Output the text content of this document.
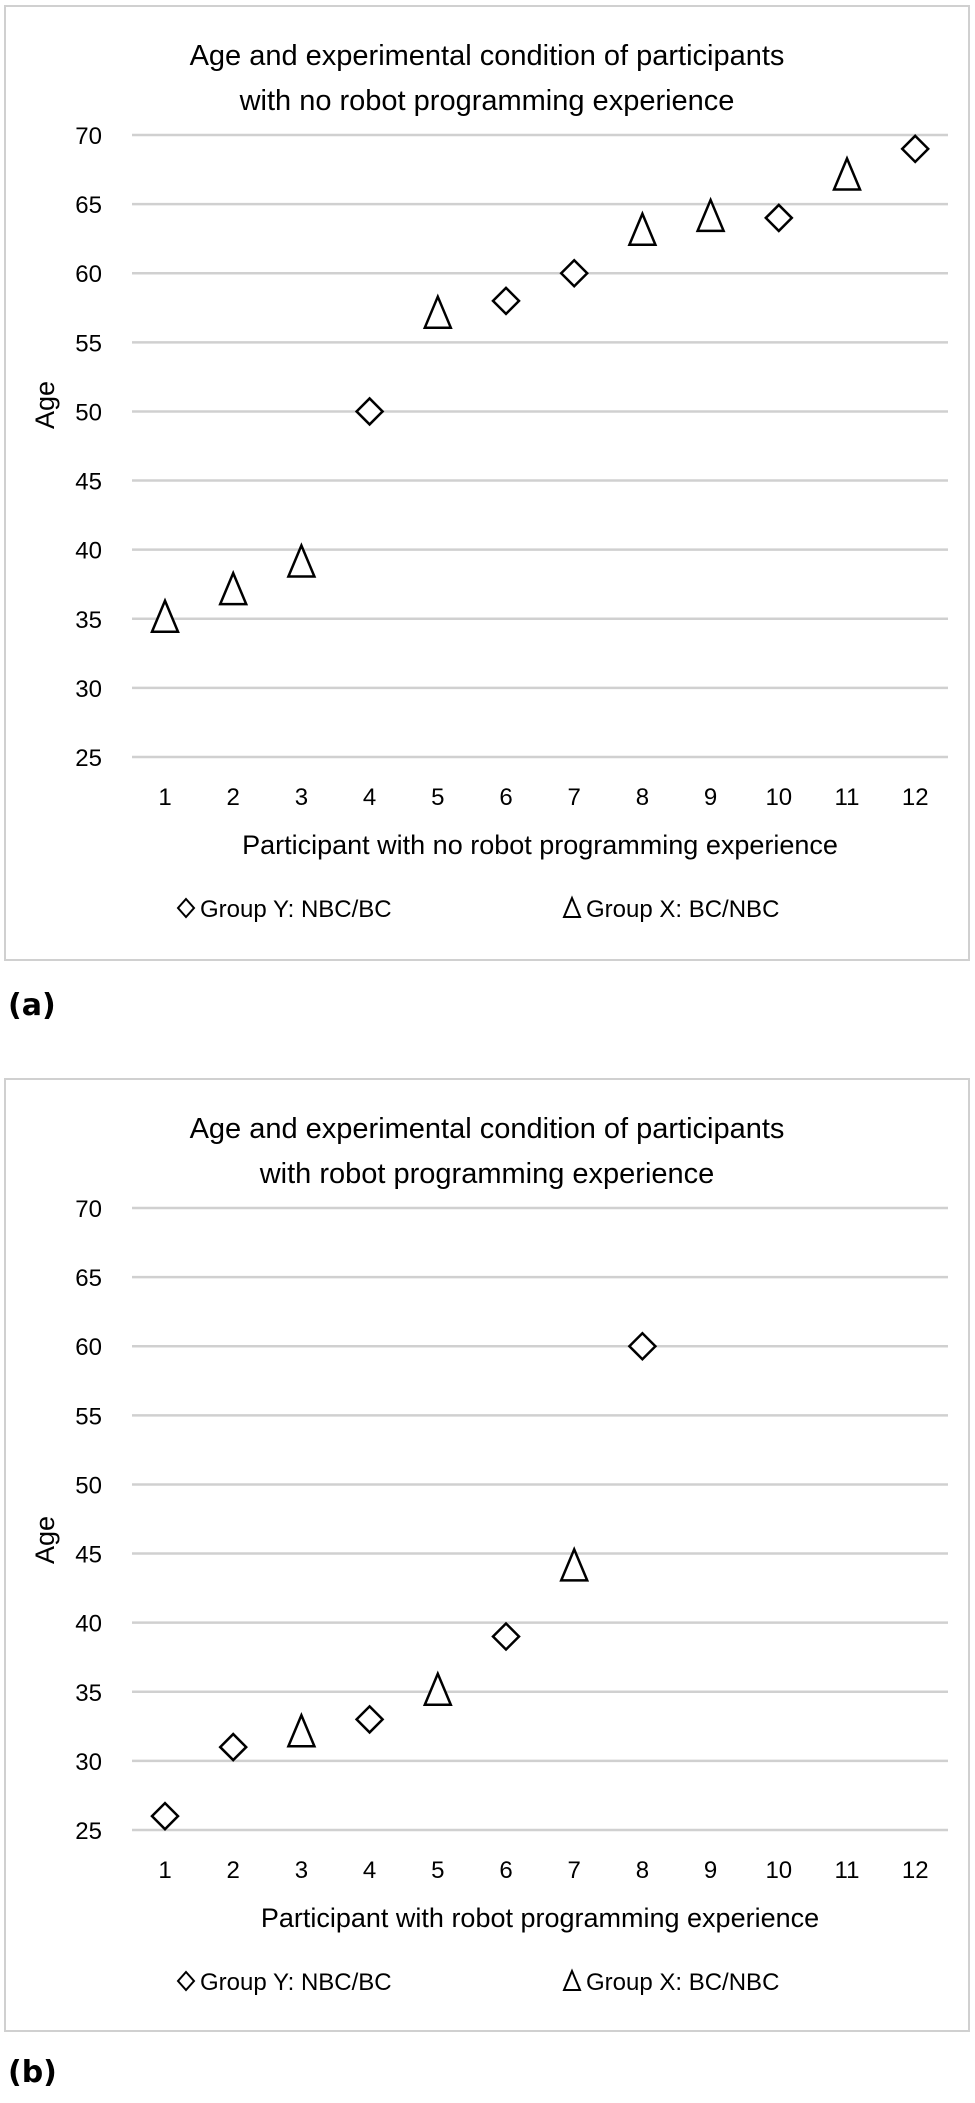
Age and experimental condition of participants
with no robot programming experience
25
30
35
40
45
50
55
60
65
70
1 2 3 4 5 6 7 8 9 10 11 12
Age
Participant with no robot programming experience
Group Y: NBC/BC	Group X: BC/NBC
(a)
Age and experimental condition of participants
with robot programming experience
25
30
35
40
45
50
55
60
65
70
1 2 3 4 5 6 7 8 9 10 11 12
Age
Participant with robot programming experience
Group Y: NBC/BC	Group X: BC/NBC
(b)
